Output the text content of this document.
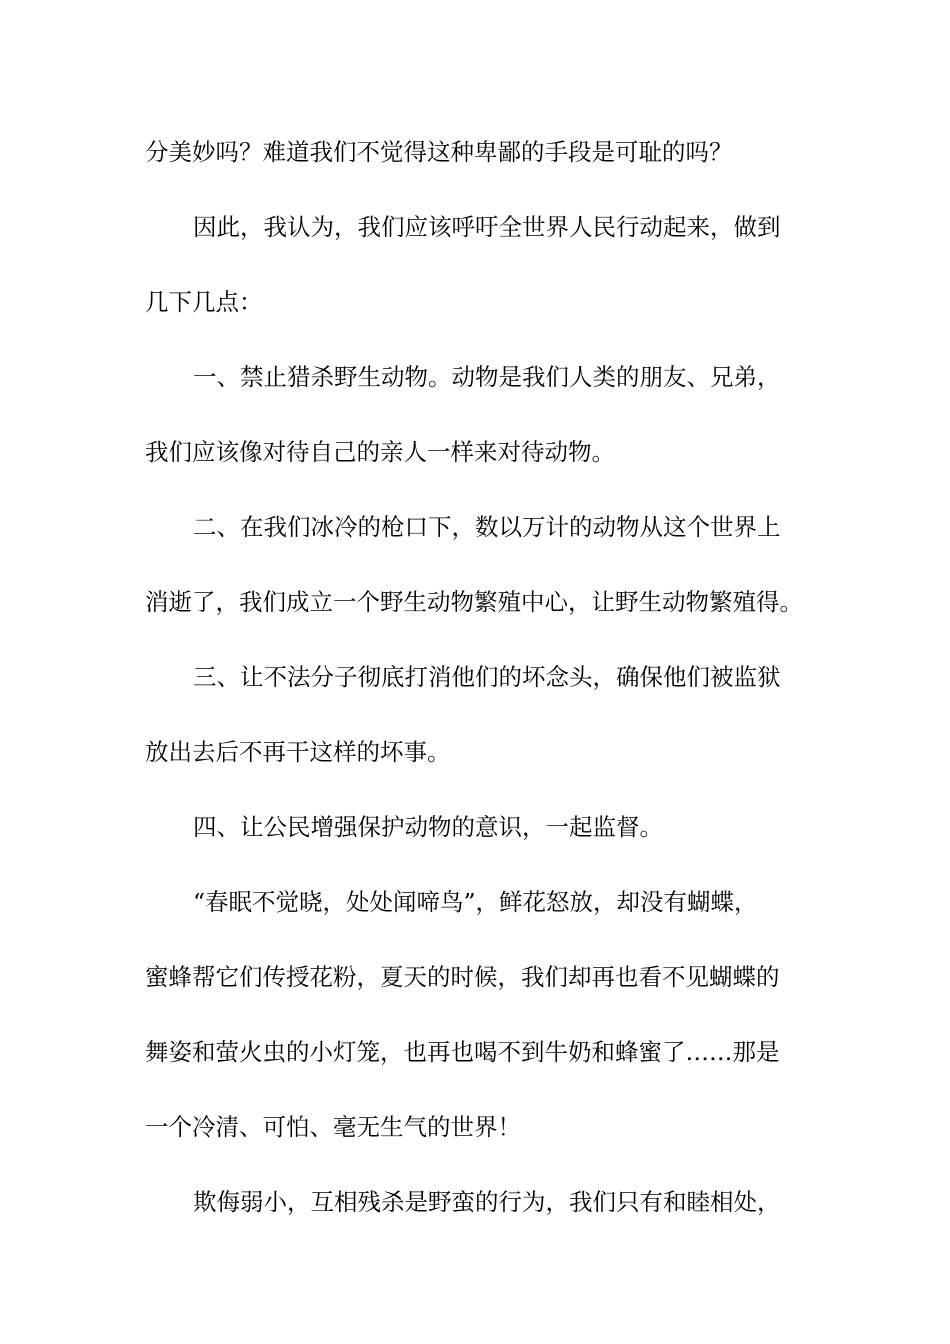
分美妙吗？难道我们不觉得这种卑鄙的手段是可耻的吗？
因此，我认为，我们应该呼吁全世界人民行动起来，做到
几下几点：
一、禁止猎杀野生动物。动物是我们人类的朋友、兄弟，
我们应该像对待自己的亲人一样来对待动物。
二、在我们冰冷的枪口下，数以万计的动物从这个世界上
消逝了，我们成立一个野生动物繁殖中心，让野生动物繁殖得。
三、让不法分子彻底打消他们的坏念头，确保他们被监狱
放出去后不再干这样的坏事。
四、让公民增强保护动物的意识，一起监督。
“春眠不觉晓，处处闻啼鸟”，鲜花怒放，却没有蝴蝶，
蜜蜂帮它们传授花粉，夏天的时候，我们却再也看不见蝴蝶的
舞姿和萤火虫的小灯笼，也再也喝不到牛奶和蜂蜜了……那是
一个冷清、可怕、毫无生气的世界！
欺侮弱小，互相残杀是野蛮的行为，我们只有和睦相处，
